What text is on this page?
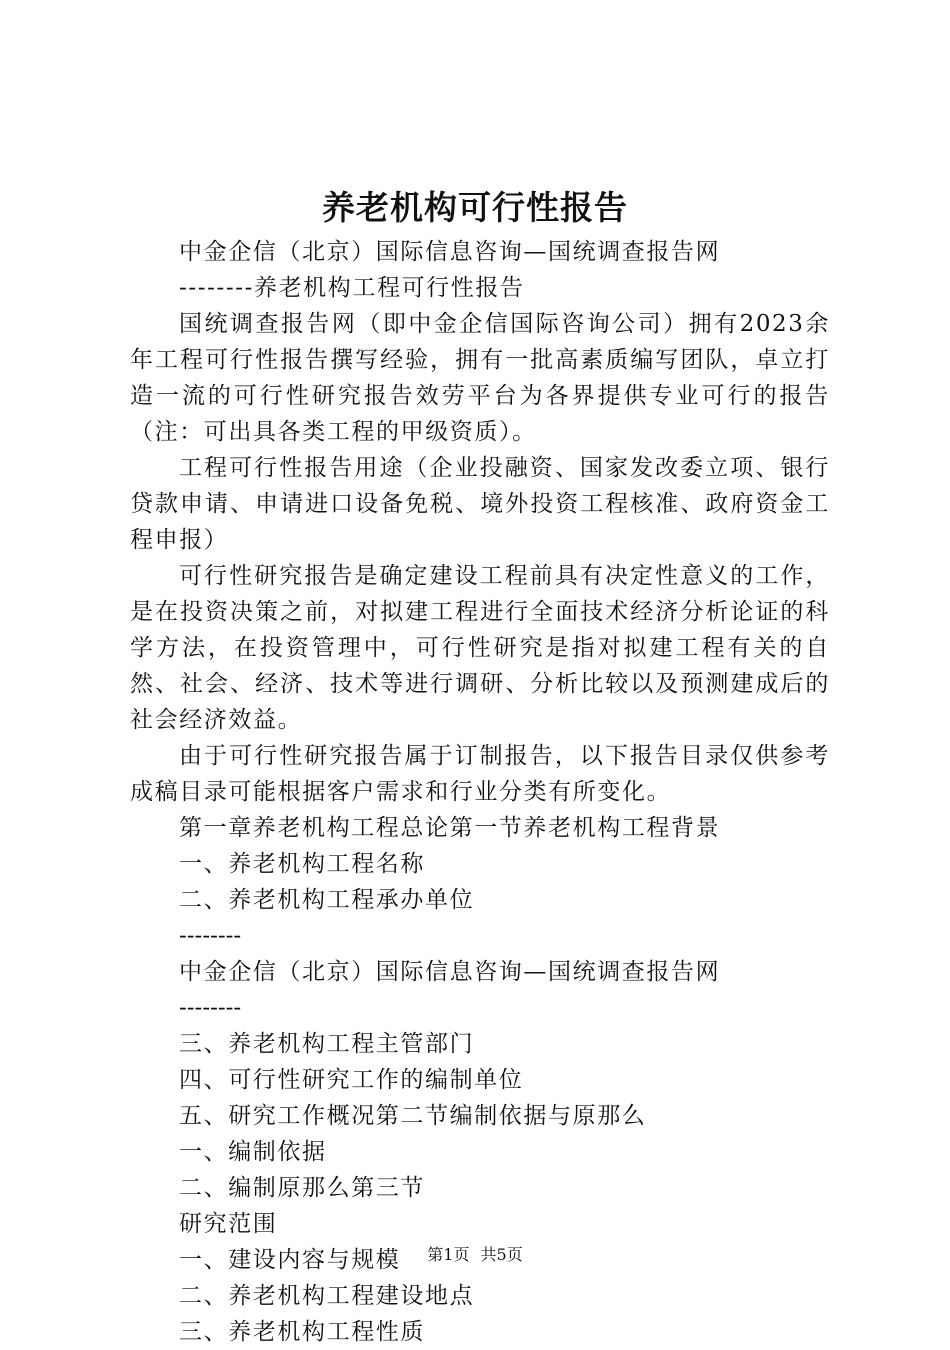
养老机构可行性报告

中金企信（北京）国际信息咨询—国统调查报告网

--------养老机构工程可行性报告

国统调查报告网（即中金企信国际咨询公司）拥有2023余年工程可行性报告撰写经验，拥有一批高素质编写团队，卓立打造一流的可行性研究报告效劳平台为各界提供专业可行的报告（注：可出具各类工程的甲级资质）。

工程可行性报告用途（企业投融资、国家发改委立项、银行贷款申请、申请进口设备免税、境外投资工程核准、政府资金工程申报）

可行性研究报告是确定建设工程前具有决定性意义的工作，是在投资决策之前，对拟建工程进行全面技术经济分析论证的科学方法，在投资管理中，可行性研究是指对拟建工程有关的自然、社会、经济、技术等进行调研、分析比较以及预测建成后的社会经济效益。

由于可行性研究报告属于订制报告，以下报告目录仅供参考成稿目录可能根据客户需求和行业分类有所变化。

第一章养老机构工程总论第一节养老机构工程背景

一、养老机构工程名称

二、养老机构工程承办单位

--------

中金企信（北京）国际信息咨询—国统调查报告网

--------

三、养老机构工程主管部门

四、可行性研究工作的编制单位

五、研究工作概况第二节编制依据与原那么

一、编制依据

二、编制原那么第三节

研究范围

一、建设内容与规模

二、养老机构工程建设地点

三、养老机构工程性质

第1页 共5页
